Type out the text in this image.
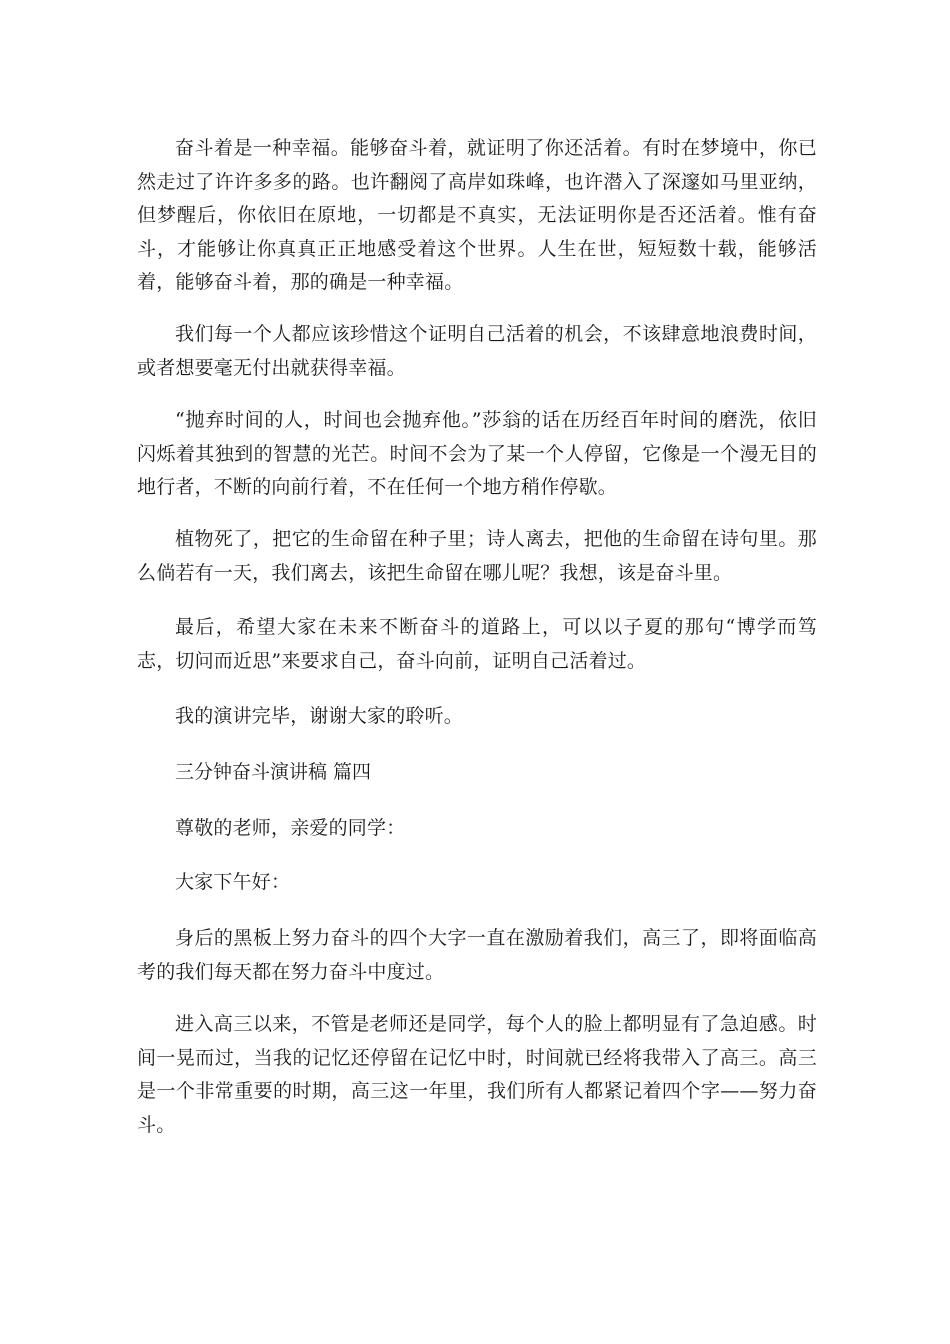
奋斗着是一种幸福。能够奋斗着，就证明了你还活着。有时在梦境中，你已然走过了许许多多的路。也许翻阅了高岸如珠峰，也许潜入了深邃如马里亚纳，但梦醒后，你依旧在原地，一切都是不真实，无法证明你是否还活着。惟有奋斗，才能够让你真真正正地感受着这个世界。人生在世，短短数十载，能够活着，能够奋斗着，那的确是一种幸福。

我们每一个人都应该珍惜这个证明自己活着的机会，不该肆意地浪费时间，或者想要毫无付出就获得幸福。

“抛弃时间的人，时间也会抛弃他。”莎翁的话在历经百年时间的磨洗，依旧闪烁着其独到的智慧的光芒。时间不会为了某一个人停留，它像是一个漫无目的地行者，不断的向前行着，不在任何一个地方稍作停歇。

植物死了，把它的生命留在种子里；诗人离去，把他的生命留在诗句里。那么倘若有一天，我们离去，该把生命留在哪儿呢？我想，该是奋斗里。

最后，希望大家在未来不断奋斗的道路上，可以以子夏的那句“博学而笃志，切问而近思”来要求自己，奋斗向前，证明自己活着过。

我的演讲完毕，谢谢大家的聆听。

三分钟奋斗演讲稿 篇四

尊敬的老师，亲爱的同学：

大家下午好：

身后的黑板上努力奋斗的四个大字一直在激励着我们，高三了，即将面临高考的我们每天都在努力奋斗中度过。

进入高三以来，不管是老师还是同学，每个人的脸上都明显有了急迫感。时间一晃而过，当我的记忆还停留在记忆中时，时间就已经将我带入了高三。高三是一个非常重要的时期，高三这一年里，我们所有人都紧记着四个字——努力奋斗。
